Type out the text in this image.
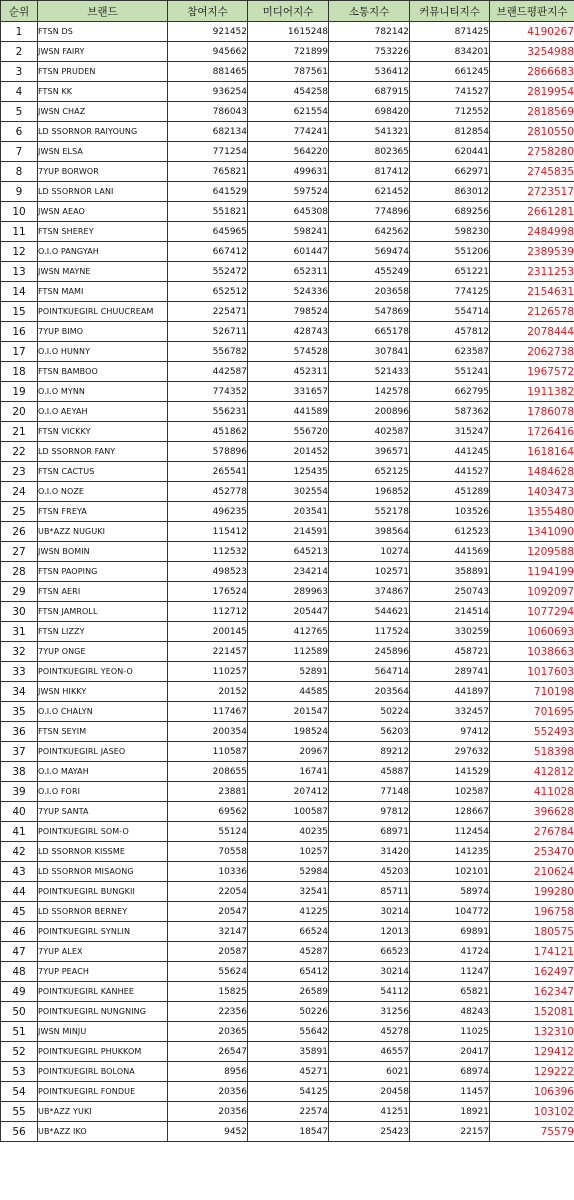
순위	브랜드	참여지수	미디어지수	소통지수	커뮤니티지수	브랜드평판지수
1	FTSN DS	921452	1615248	782142	871425	4190267
2	JWSN FAIRY	945662	721899	753226	834201	3254988
3	FTSN PRUDEN	881465	787561	536412	661245	2866683
4	FTSN KK	936254	454258	687915	741527	2819954
5	JWSN CHAZ	786043	621554	698420	712552	2818569
6	LD SSORNOR RAIYOUNG	682134	774241	541321	812854	2810550
7	JWSN ELSA	771254	564220	802365	620441	2758280
8	7YUP BORWOR	765821	499631	817412	662971	2745835
9	LD SSORNOR LANI	641529	597524	621452	863012	2723517
10	JWSN AEAO	551821	645308	774896	689256	2661281
11	FTSN SHEREY	645965	598241	642562	598230	2484998
12	O.I.O PANGYAH	667412	601447	569474	551206	2389539
13	JWSN MAYNE	552472	652311	455249	651221	2311253
14	FTSN MAMI	652512	524336	203658	774125	2154631
15	POINTKUEGIRL CHUUCREAM	225471	798524	547869	554714	2126578
16	7YUP BIMO	526711	428743	665178	457812	2078444
17	O.I.O HUNNY	556782	574528	307841	623587	2062738
18	FTSN BAMBOO	442587	452311	521433	551241	1967572
19	O.I.O MYNN	774352	331657	142578	662795	1911382
20	O.I.O AEYAH	556231	441589	200896	587362	1786078
21	FTSN VICKKY	451862	556720	402587	315247	1726416
22	LD SSORNOR FANY	578896	201452	396571	441245	1618164
23	FTSN CACTUS	265541	125435	652125	441527	1484628
24	O.I.O NOZE	452778	302554	196852	451289	1403473
25	FTSN FREYA	496235	203541	552178	103526	1355480
26	UB*AZZ NUGUKI	115412	214591	398564	612523	1341090
27	JWSN BOMIN	112532	645213	10274	441569	1209588
28	FTSN PAOPING	498523	234214	102571	358891	1194199
29	FTSN AERI	176524	289963	374867	250743	1092097
30	FTSN JAMROLL	112712	205447	544621	214514	1077294
31	FTSN LIZZY	200145	412765	117524	330259	1060693
32	7YUP ONGE	221457	112589	245896	458721	1038663
33	POINTKUEGIRL YEON-O	110257	52891	564714	289741	1017603
34	JWSN HIKKY	20152	44585	203564	441897	710198
35	O.I.O CHALYN	117467	201547	50224	332457	701695
36	FTSN SEYIM	200354	198524	56203	97412	552493
37	POINTKUEGIRL JASEO	110587	20967	89212	297632	518398
38	O.I.O MAYAH	208655	16741	45887	141529	412812
39	O.I.O FORI	23881	207412	77148	102587	411028
40	7YUP SANTA	69562	100587	97812	128667	396628
41	POINTKUEGIRL SOM-O	55124	40235	68971	112454	276784
42	LD SSORNOR KISSME	70558	10257	31420	141235	253470
43	LD SSORNOR MISAONG	10336	52984	45203	102101	210624
44	POINTKUEGIRL BUNGKII	22054	32541	85711	58974	199280
45	LD SSORNOR BERNEY	20547	41225	30214	104772	196758
46	POINTKUEGIRL SYNLIN	32147	66524	12013	69891	180575
47	7YUP ALEX	20587	45287	66523	41724	174121
48	7YUP PEACH	55624	65412	30214	11247	162497
49	POINTKUEGIRL KANHEE	15825	26589	54112	65821	162347
50	POINTKUEGIRL NUNGNING	22356	50226	31256	48243	152081
51	JWSN MINJU	20365	55642	45278	11025	132310
52	POINTKUEGIRL PHUKKOM	26547	35891	46557	20417	129412
53	POINTKUEGIRL BOLONA	8956	45271	6021	68974	129222
54	POINTKUEGIRL FONDUE	20356	54125	20458	11457	106396
55	UB*AZZ YUKI	20356	22574	41251	18921	103102
56	UB*AZZ IKO	9452	18547	25423	22157	75579
